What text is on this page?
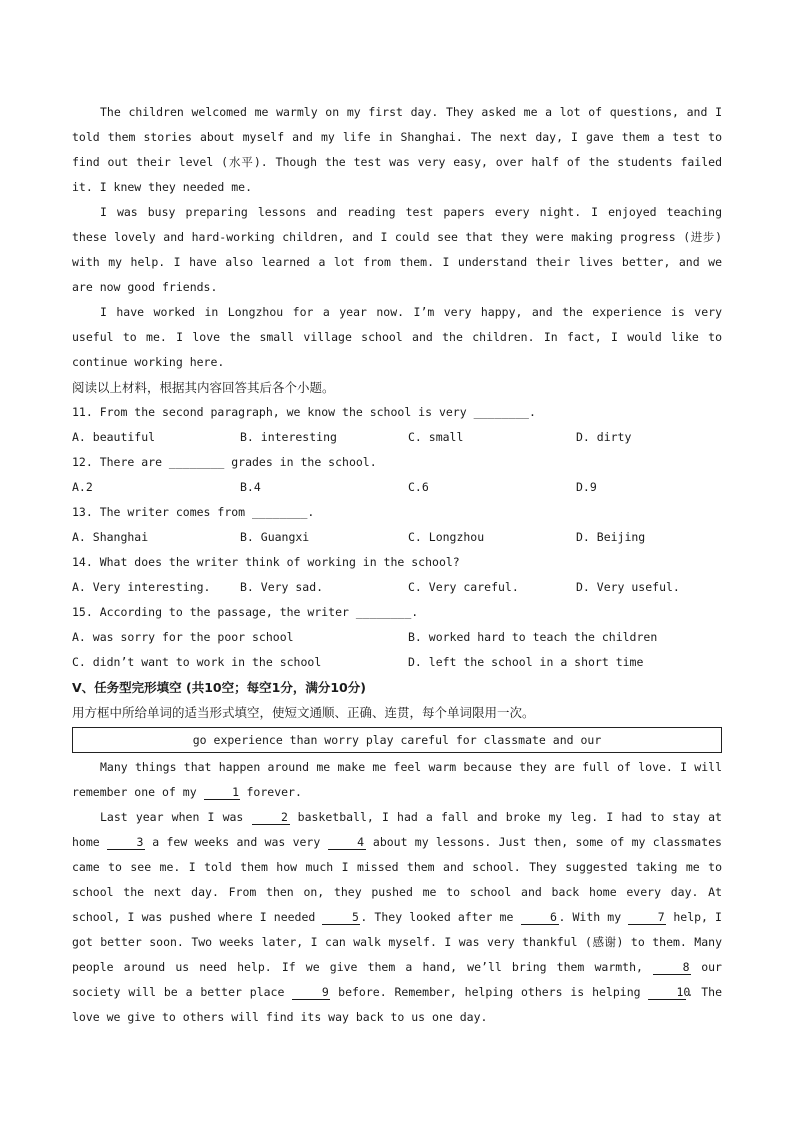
The children welcomed me warmly on my first day. They asked me a lot of questions, and I told them stories about myself and my life in Shanghai. The next day, I gave them a test to find out their level (水平). Though the test was very easy, over half of the students failed it. I knew they needed me.

I was busy preparing lessons and reading test papers every night. I enjoyed teaching these lovely and hard-working children, and I could see that they were making progress (进步) with my help. I have also learned a lot from them. I understand their lives better, and we are now good friends.

I have worked in Longzhou for a year now. I’m very happy, and the experience is very useful to me. I love the small village school and the children. In fact, I would like to continue working here.

阅读以上材料，根据其内容回答其后各个小题。

11. From the second paragraph, we know the school is very ________.

A. beautiful	B. interesting	C. small	D. dirty

12. There are ________ grades in the school.

A.2	B.4	C.6	D.9

13. The writer comes from ________.

A. Shanghai	B. Guangxi	C. Longzhou	D. Beijing

14. What does the writer think of working in the school?

A. Very interesting.	B. Very sad.	C. Very careful.	D. Very useful.

15. According to the passage, the writer ________.

A. was sorry for the poor school	B. worked hard to teach the children
C. didn’t want to work in the school	D. left the school in a short time

V、任务型完形填空 (共10空；每空1分，满分10分)

用方框中所给单词的适当形式填空，使短文通顺、正确、连贯，每个单词限用一次。

go experience than worry play careful for classmate and our

Many things that happen around me make me feel warm because they are full of love. I will remember one of my	1 forever.

Last year when I was	2 basketball, I had a fall and broke my leg. I had to stay at home	3 a few weeks and was very	4 about my lessons. Just then, some of my classmates came to see me. I told them how much I missed them and school. They suggested taking me to school the next day. From then on, they pushed me to school and back home every day. At school, I was pushed where I needed	5 . They looked after me	6 . With my	7 help, I got better soon. Two weeks later, I can walk myself. I was very thankful (感谢) to them. Many people around us need help. If we give them a hand, we’ll bring them warmth,	8 our society will be a better place	9 before. Remember, helping others is helping	10. The love we give to others will find its way back to us one day.
